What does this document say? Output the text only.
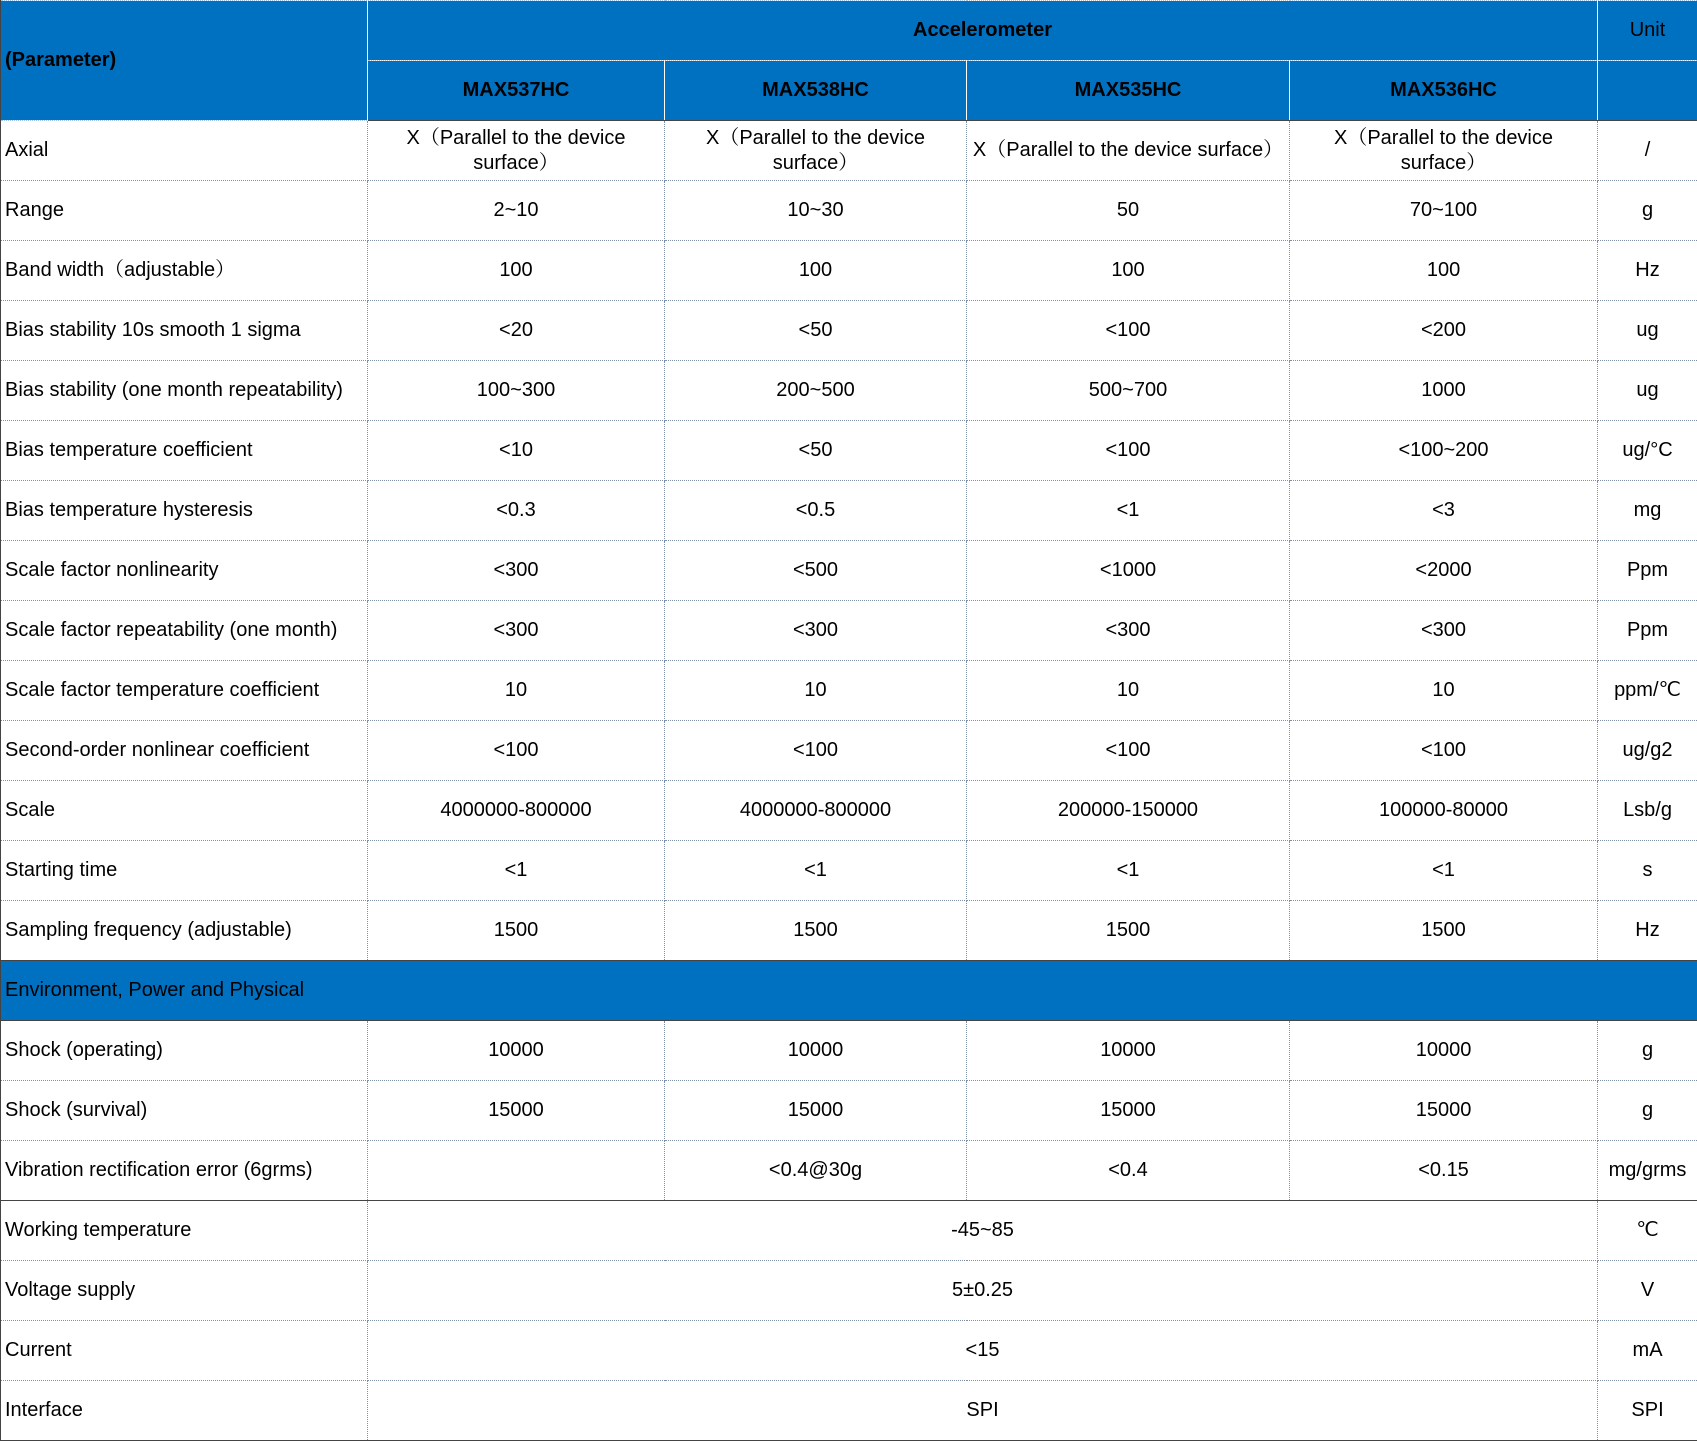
(Parameter)	Accelerometer				Unit
	MAX537HC	MAX538HC	MAX535HC	MAX536HC	
Axial	X（Parallel to the device surface）	X（Parallel to the device surface）	X（Parallel to the device surface）	X（Parallel to the device surface）	/
Range	2~10	10~30	50	70~100	g
Band width（adjustable）	100	100	100	100	Hz
Bias stability 10s smooth 1 sigma	<20	<50	<100	<200	ug
Bias stability (one month repeatability)	100~300	200~500	500~700	1000	ug
Bias temperature coefficient	<10	<50	<100	<100~200	ug/°C
Bias temperature hysteresis	<0.3	<0.5	<1	<3	mg
Scale factor nonlinearity	<300	<500	<1000	<2000	Ppm
Scale factor repeatability (one month)	<300	<300	<300	<300	Ppm
Scale factor temperature coefficient	10	10	10	10	ppm/℃
Second-order nonlinear coefficient	<100	<100	<100	<100	ug/g2
Scale	4000000-800000	4000000-800000	200000-150000	100000-80000	Lsb/g
Starting time	<1	<1	<1	<1	s
Sampling frequency (adjustable)	1500	1500	1500	1500	Hz
Environment, Power and Physical					
Shock (operating)	10000	10000	10000	10000	g
Shock (survival)	15000	15000	15000	15000	g
Vibration rectification error (6grms)		<0.4@30g	<0.4	<0.15	mg/grms
Working temperature	-45~85				℃
Voltage supply	5±0.25				V
Current	<15				mA
Interface	SPI				SPI
